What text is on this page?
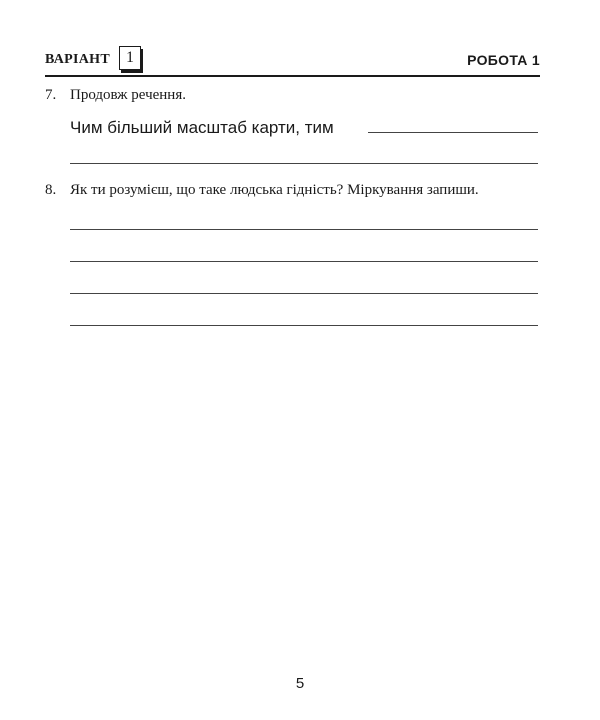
ВАРІАНТ 1	РОБОТА 1
7. Продовж речення.
Чим більший масштаб карти, тим
8. Як ти розумієш, що таке людська гідність? Міркування запиши.
5
